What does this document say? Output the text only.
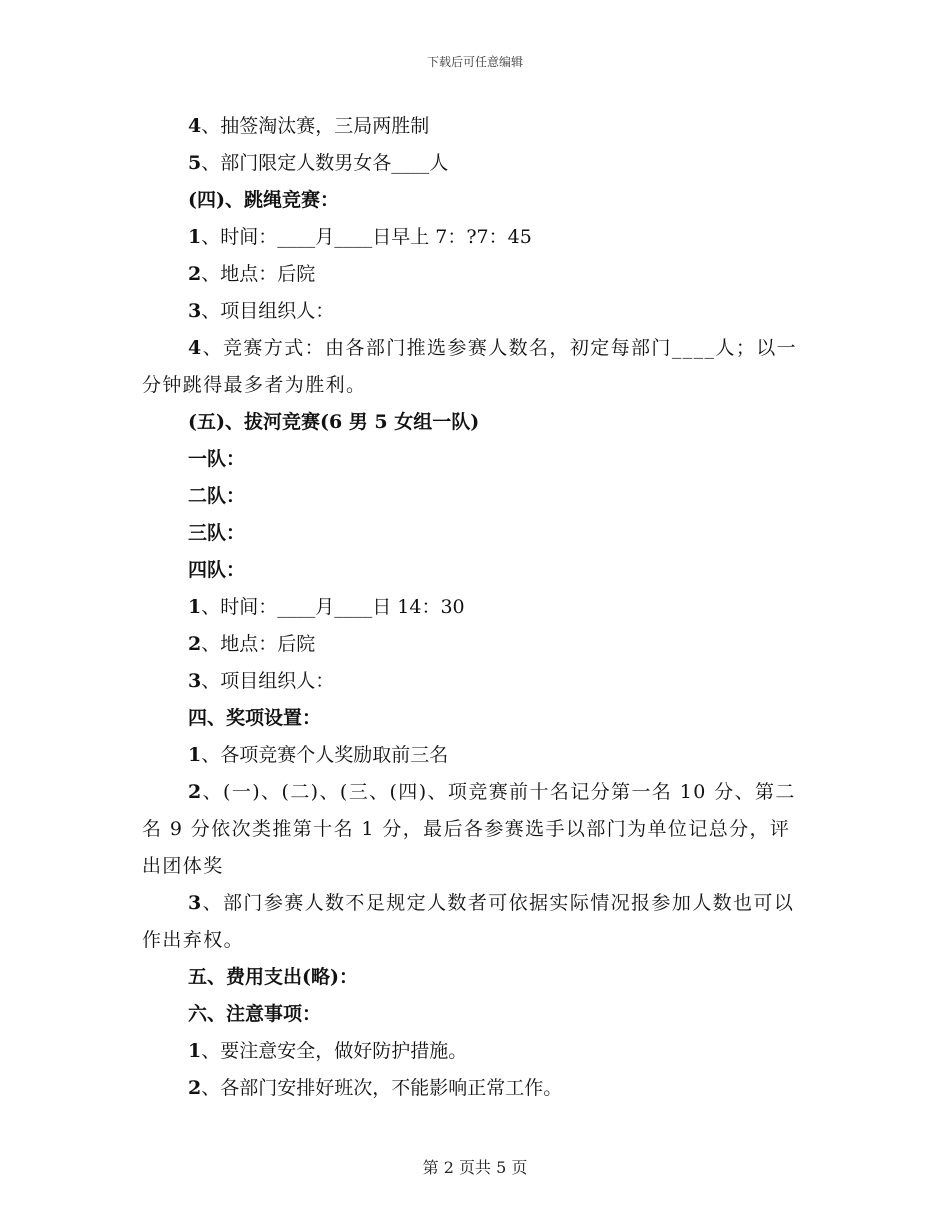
下载后可任意编辑

4、抽签淘汰赛，三局两胜制

5、部门限定人数男女各____人

(四)、跳绳竞赛：

1、时间：____月____日早上 7：?7：45

2、地点：后院

3、项目组织人：

4、竞赛方式：由各部门推选参赛人数名，初定每部门____人；以一分钟跳得最多者为胜利。

(五)、拔河竞赛(6 男 5 女组一队)

一队：

二队：

三队：

四队：

1、时间：____月____日 14：30

2、地点：后院

3、项目组织人：

四、奖项设置：

1、各项竞赛个人奖励取前三名

2、(一)、(二)、(三、(四)、项竞赛前十名记分第一名 10 分、第二名 9 分依次类推第十名 1 分，最后各参赛选手以部门为单位记总分，评出团体奖

3、部门参赛人数不足规定人数者可依据实际情况报参加人数也可以作出弃权。

五、费用支出(略)：

六、注意事项：

1、要注意安全，做好防护措施。

2、各部门安排好班次，不能影响正常工作。

第 2 页共 5 页
